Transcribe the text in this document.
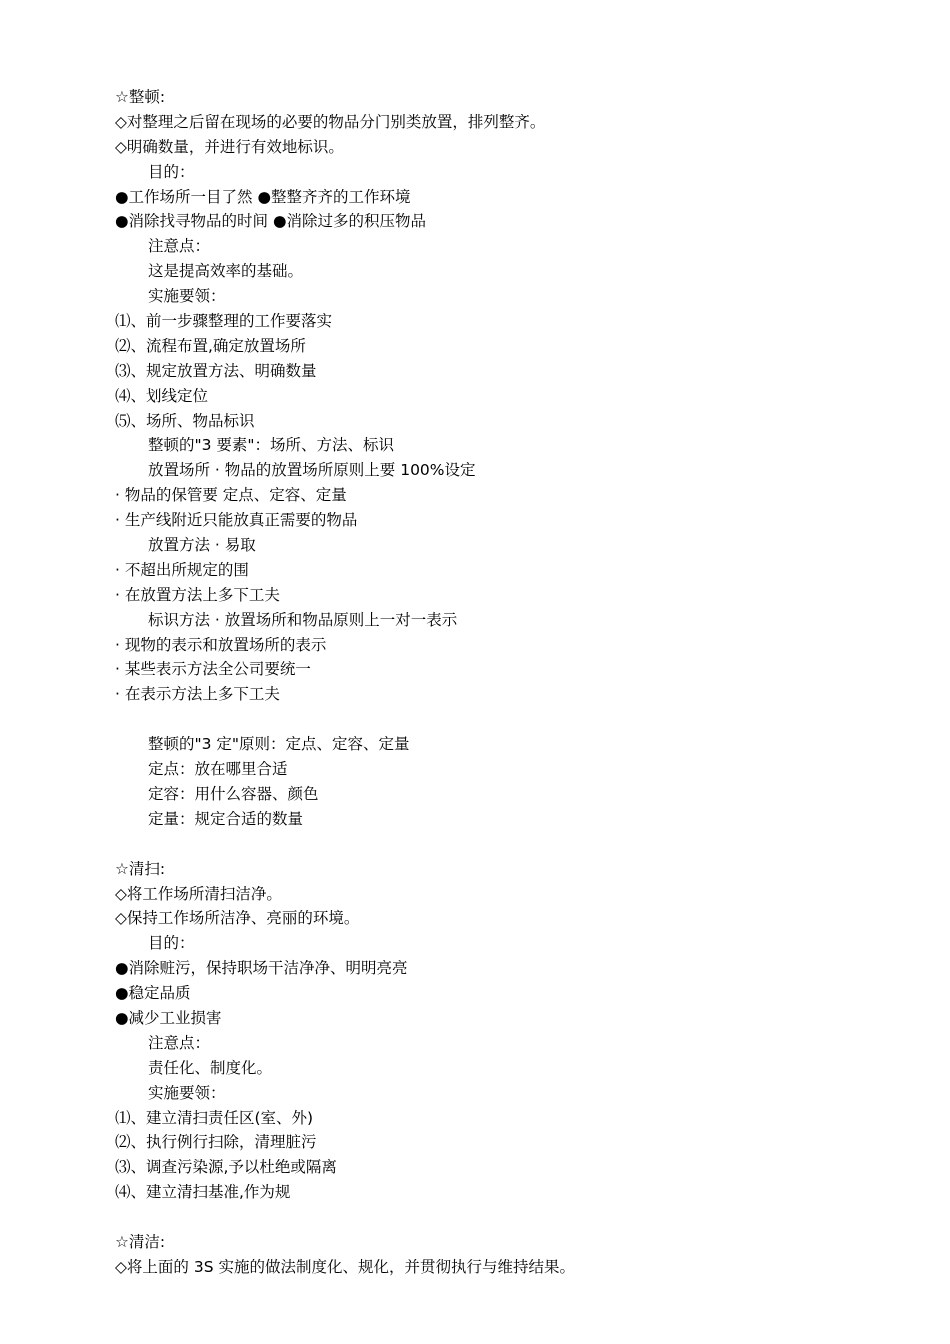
☆整顿:
◇对整理之后留在现场的必要的物品分门别类放置，排列整齐。
◇明确数量，并进行有效地标识。
目的：
●工作场所一目了然 ●整整齐齐的工作环境
●消除找寻物品的时间 ●消除过多的积压物品
注意点：
这是提高效率的基础。
实施要领：
⑴、前一步骤整理的工作要落实
⑵、流程布置,确定放置场所
⑶、规定放置方法、明确数量
⑷、划线定位
⑸、场所、物品标识
整顿的"3 要素"：场所、方法、标识
放置场所 · 物品的放置场所原则上要 100%设定
· 物品的保管要 定点、定容、定量
· 生产线附近只能放真正需要的物品
放置方法 · 易取
· 不超出所规定的围
· 在放置方法上多下工夫
标识方法 · 放置场所和物品原则上一对一表示
· 现物的表示和放置场所的表示
· 某些表示方法全公司要统一
· 在表示方法上多下工夫
整顿的"3 定"原则：定点、定容、定量
定点：放在哪里合适
定容：用什么容器、颜色
定量：规定合适的数量
☆清扫:
◇将工作场所清扫洁净。
◇保持工作场所洁净、亮丽的环境。
目的：
●消除赃污，保持职场干洁净净、明明亮亮
●稳定品质
●减少工业损害
注意点：
责任化、制度化。
实施要领：
⑴、建立清扫责任区(室、外)
⑵、执行例行扫除，清理脏污
⑶、调查污染源,予以杜绝或隔离
⑷、建立清扫基准,作为规
☆清洁:
◇将上面的 3S 实施的做法制度化、规化，并贯彻执行与维持结果。
